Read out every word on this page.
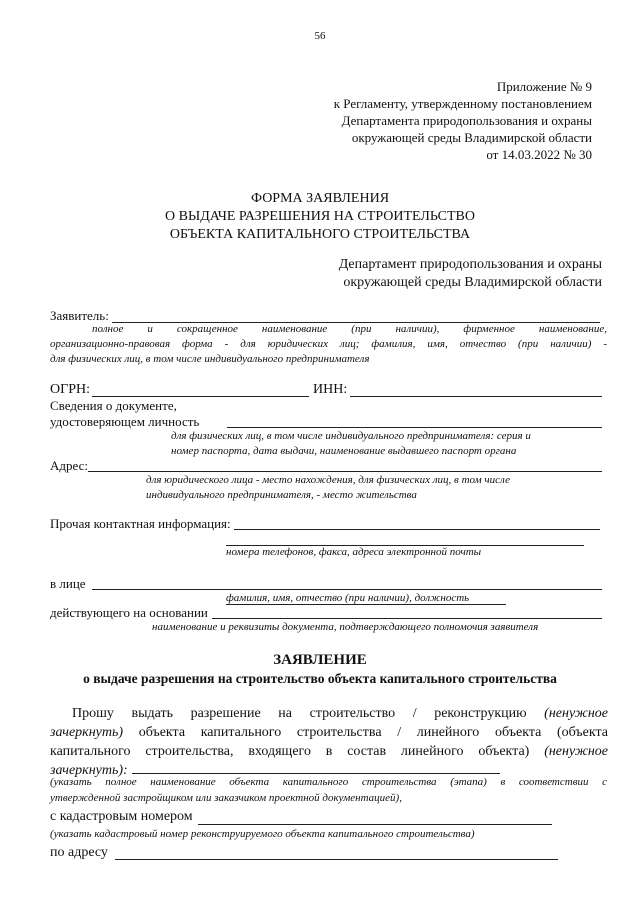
56
Приложение № 9
к Регламенту, утвержденному постановлением
Департамента природопользования и охраны
окружающей среды Владимирской области
от 14.03.2022 № 30
ФОРМА ЗАЯВЛЕНИЯ
О ВЫДАЧЕ РАЗРЕШЕНИЯ НА СТРОИТЕЛЬСТВО
ОБЪЕКТА КАПИТАЛЬНОГО СТРОИТЕЛЬСТВА
Департамент природопользования и охраны
окружающей среды Владимирской области
Заявитель:
полное и сокращенное наименование (при наличии), фирменное наименование,
организационно-правовая форма - для юридических лиц; фамилия, имя, отчество (при наличии) -
для физических лиц, в том числе индивидуального предпринимателя
ОГРН:	ИНН:
Сведения о документе,
удостоверяющем личность
для физических лиц, в том числе индивидуального предпринимателя: серия и
номер паспорта, дата выдачи, наименование выдавшего паспорт органа
Адрес:
для юридического лица - место нахождения, для физических лиц, в том числе
индивидуального предпринимателя, - место жительства
Прочая контактная информация:
номера телефонов, факса, адреса электронной почты
в лице
фамилия, имя, отчество (при наличии), должность
действующего на основании
наименование и реквизиты документа, подтверждающего полномочия заявителя
ЗАЯВЛЕНИЕ
о выдаче разрешения на строительство объекта капитального строительства
Прошу выдать разрешение на строительство / реконструкцию (ненужное
зачеркнуть) объекта капитального строительства / линейного объекта (объекта
капитального строительства, входящего в состав линейного объекта) (ненужное
зачеркнуть):
(указать полное наименование объекта капитального строительства (этапа) в соответствии с
утвержденной застройщиком или заказчиком проектной документацией),
с кадастровым номером
(указать кадастровый номер реконструируемого объекта капитального строительства)
по адресу
